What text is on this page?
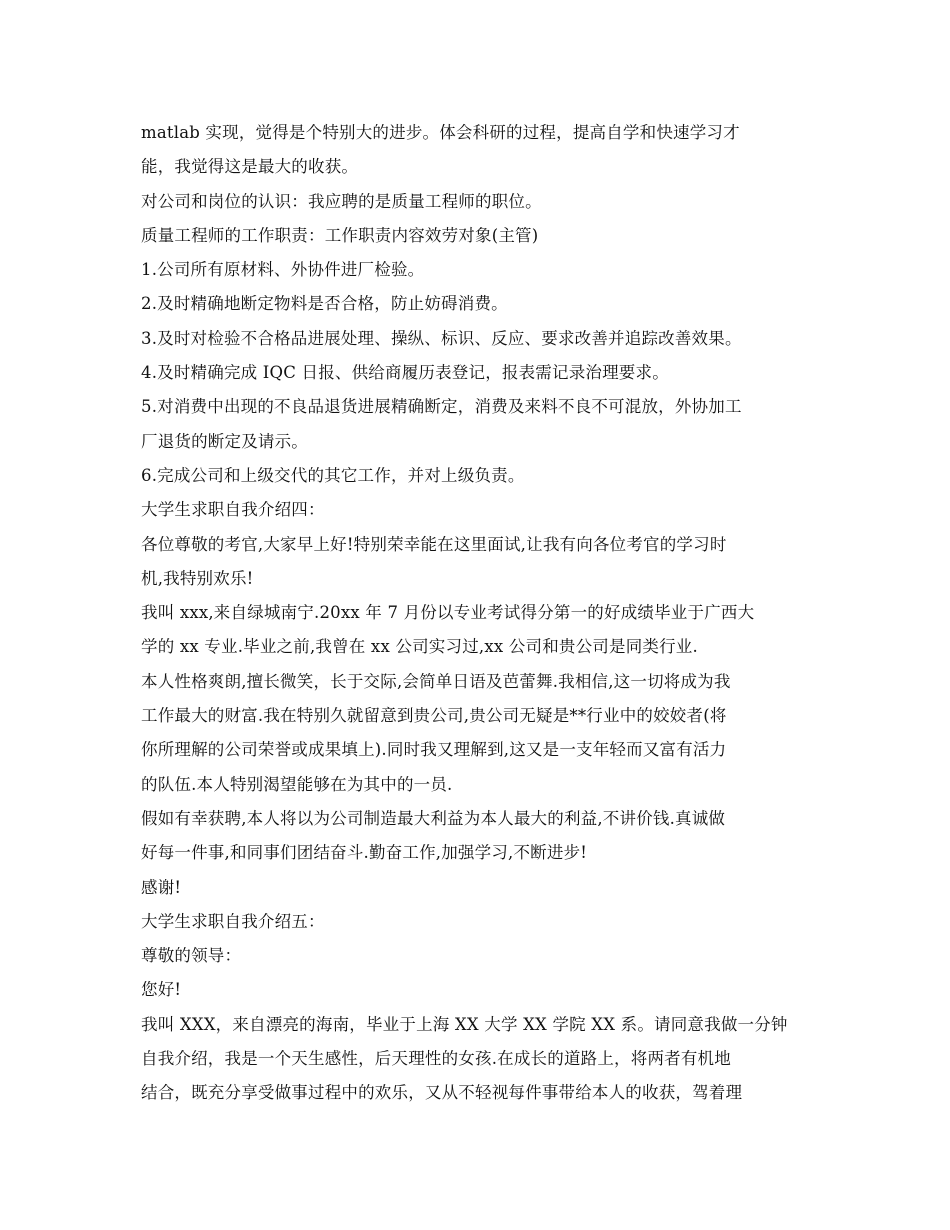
matlab 实现，觉得是个特别大的进步。体会科研的过程，提高自学和快速学习才
能，我觉得这是最大的收获。
对公司和岗位的认识：我应聘的是质量工程师的职位。
质量工程师的工作职责：工作职责内容效劳对象(主管)
1.公司所有原材料、外协件进厂检验。
2.及时精确地断定物料是否合格，防止妨碍消费。
3.及时对检验不合格品进展处理、操纵、标识、反应、要求改善并追踪改善效果。
4.及时精确完成 IQC 日报、供给商履历表登记，报表需记录治理要求。
5.对消费中出现的不良品退货进展精确断定，消费及来料不良不可混放，外协加工
厂退货的断定及请示。
6.完成公司和上级交代的其它工作，并对上级负责。
大学生求职自我介绍四：
各位尊敬的考官,大家早上好!特别荣幸能在这里面试,让我有向各位考官的学习时
机,我特别欢乐!
我叫 xxx,来自绿城南宁.20xx 年 7 月份以专业考试得分第一的好成绩毕业于广西大
学的 xx 专业.毕业之前,我曾在 xx 公司实习过,xx 公司和贵公司是同类行业.
本人性格爽朗,擅长微笑，长于交际,会简单日语及芭蕾舞.我相信,这一切将成为我
工作最大的财富.我在特别久就留意到贵公司,贵公司无疑是**行业中的姣姣者(将
你所理解的公司荣誉或成果填上).同时我又理解到,这又是一支年轻而又富有活力
的队伍.本人特别渴望能够在为其中的一员.
假如有幸获聘,本人将以为公司制造最大利益为本人最大的利益,不讲价钱.真诚做
好每一件事,和同事们团结奋斗.勤奋工作,加强学习,不断进步!
感谢!
大学生求职自我介绍五：
尊敬的领导：
您好!
我叫 XXX，来自漂亮的海南，毕业于上海 XX 大学 XX 学院 XX 系。请同意我做一分钟
自我介绍，我是一个天生感性，后天理性的女孩.在成长的道路上，将两者有机地
结合，既充分享受做事过程中的欢乐，又从不轻视每件事带给本人的收获，驾着理
